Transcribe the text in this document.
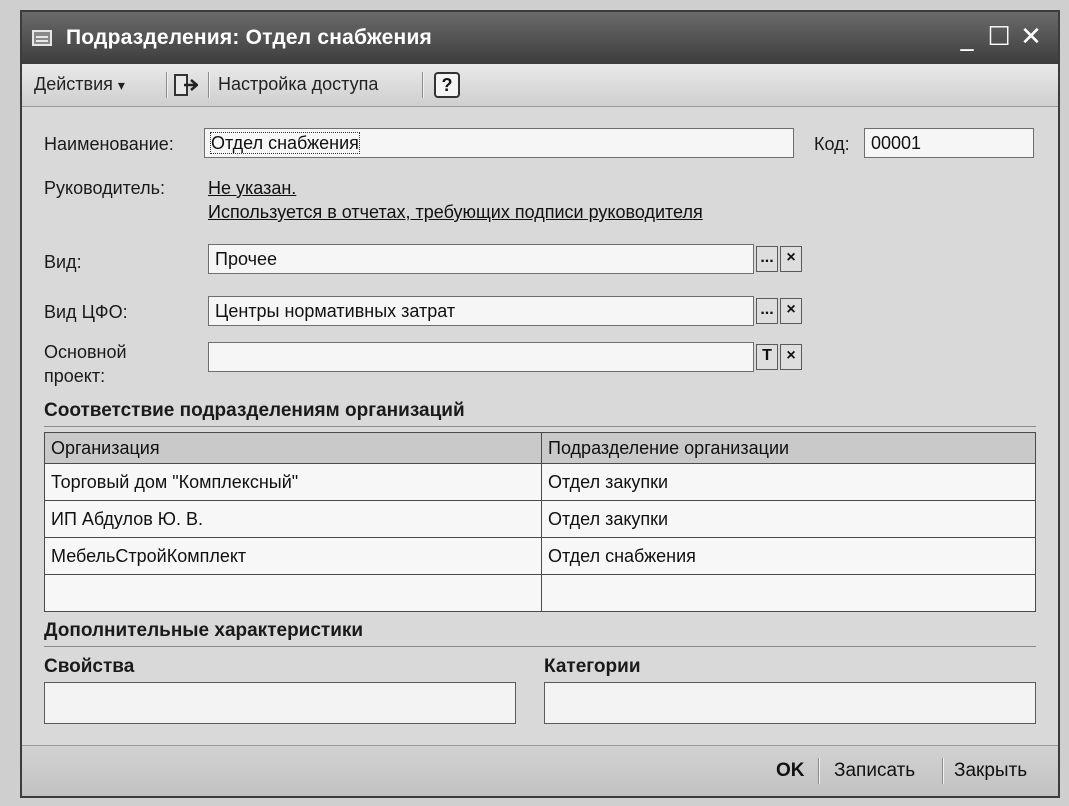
Подразделения: Отдел снабжения	_ ☐ ✕
Действия ▾	Настройка доступа	?
Наименование:	Отдел снабжения	Код:	00001
Руководитель: Не указан.
Используется в отчетах, требующих подписи руководителя
Вид:	Прочее	... ×
Вид ЦФО:	Центры нормативных затрат	... ×
Основной
проект:
T ×
Соответствие подразделениям организаций
Организация	Подразделение организации
Торговый дом "Комплексный"	Отдел закупки
ИП Абдулов Ю. В.	Отдел закупки
МебельСтройКомплект	Отдел снабжения

Дополнительные характеристики
Свойства	Категории
OK Записать Закрыть
